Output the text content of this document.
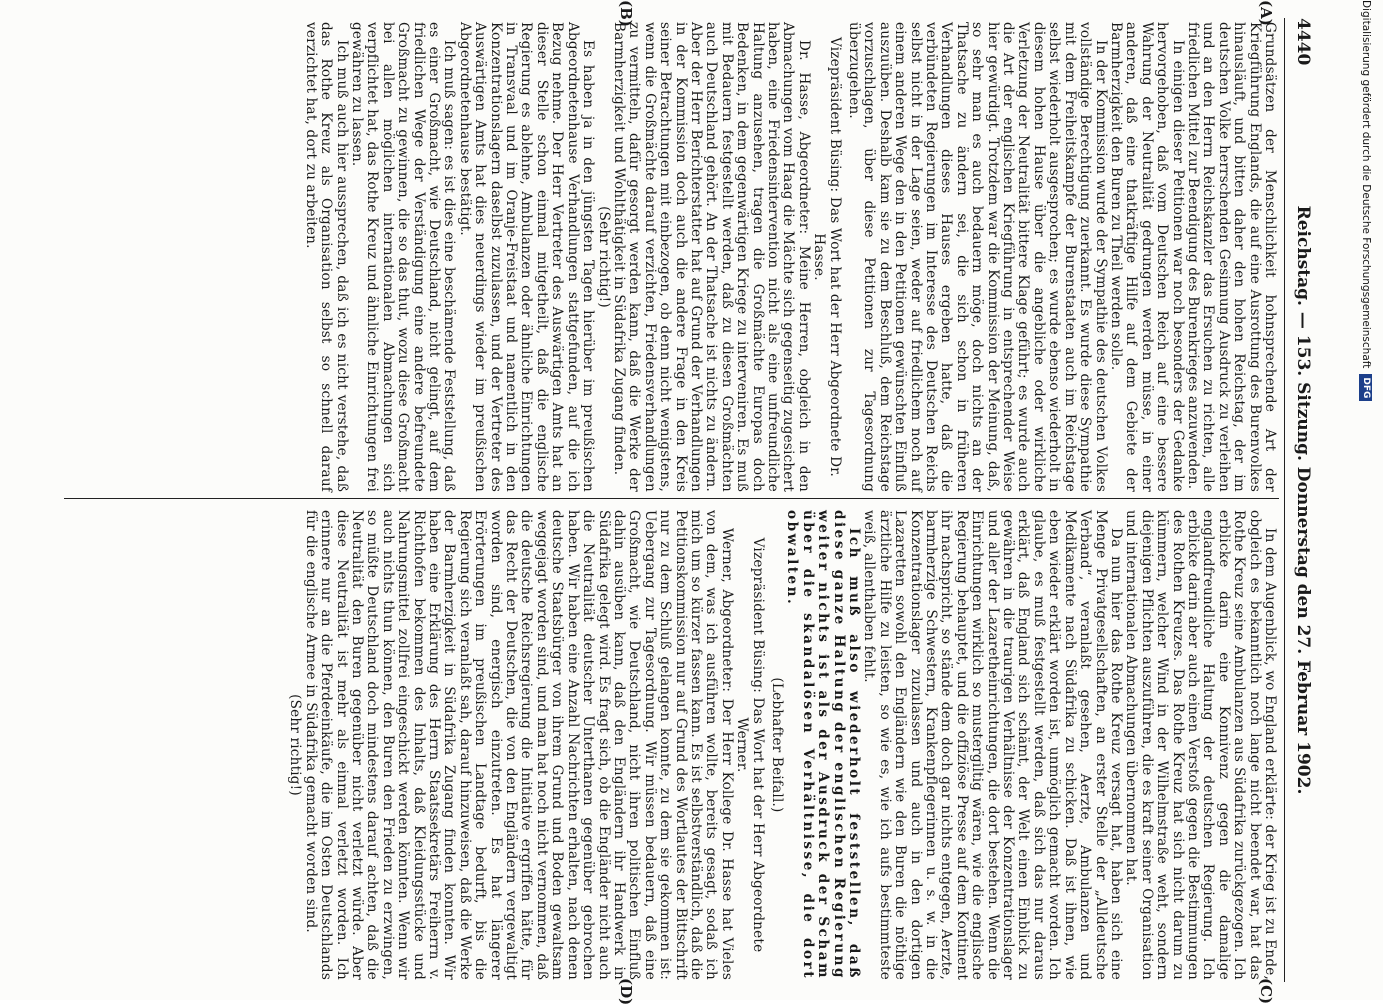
4440
Reichstag. — 153. Sitzung. Donnerstag den 27. Februar 1902.
(A)
(B)
(C)
(D)

Grundsätzen der Menschlichkeit hohnsprechende Art der Kriegführung Englands, die auf eine Ausrottung des Burenvolkes hinausläuft, und bitten daher den hohen Reichstag, der im deutschen Volke herrschenden Gesinnung Ausdruck zu verleihen und an den Herrn Reichskanzler das Ersuchen zu richten, alle friedlichen Mittel zur Beendigung des Burenkrieges anzuwenden.

In einigen dieser Petitionen war noch besonders der Gedanke hervorgehoben, daß vom Deutschen Reich auf eine bessere Wahrung der Neutralität gedrungen werden müsse, in einer anderen, daß eine thatkräftige Hilfe auf dem Gebiete der Barmherzigkeit den Buren zu Theil werden solle.

In der Kommission wurde der Sympathie des deutschen Volkes vollständige Berechtigung zuerkannt. Es wurde diese Sympathie mit dem Freiheitskampfe der Burenstaaten auch im Reichstage selbst wiederholt ausgesprochen; es wurde ebenso wiederholt in diesem hohen Hause über die angebliche oder wirkliche Verletzung der Neutralität bittere Klage geführt; es wurde auch die Art der englischen Kriegführung in entsprechender Weise hier gewürdigt. Trotzdem war die Kommission der Meinung, daß, so sehr man es auch bedauern möge, doch nichts an der Thatsache zu ändern sei, die sich schon in früheren Verhandlungen dieses Hauses ergeben hatte, daß die verbündeten Regierungen im Interesse des Deutschen Reichs selbst nicht in der Lage seien, weder auf friedlichem noch auf einem anderen Wege den in den Petitionen gewünschten Einfluß auszuüben. Deshalb kam sie zu dem Beschluß, dem Reichstage vorzuschlagen, über diese Petitionen zur Tagesordnung überzugehen.

Vizepräsident Büsing: Das Wort hat der Herr Abgeordnete Dr. Hasse.

Dr. Hasse, Abgeordneter: Meine Herren, obgleich in den Abmachungen vom Haag die Mächte sich gegenseitig zugesichert haben, eine Friedensintervention nicht als eine unfreundliche Haltung anzusehen, tragen die Großmächte Europas doch Bedenken, in dem gegenwärtigen Kriege zu interveniren. Es muß mit Bedauern festgestellt werden, daß zu diesen Großmächten auch Deutschland gehört. An der Thatsache ist nichts zu ändern. Aber der Herr Berichterstatter hat auf Grund der Verhandlungen in der Kommission doch auch die andere Frage in den Kreis seiner Betrachtungen mit einbezogen, ob denn nicht wenigstens, wenn die Großmächte darauf verzichten, Friedensverhandlungen zu vermitteln, dafür gesorgt werden kann, daß die Werke der Barmherzigkeit und Wohlthätigkeit in Südafrika Zugang finden.

(Sehr richtig!)

Es haben ja in den jüngsten Tagen hierüber im preußischen Abgeordnetenhause Verhandlungen stattgefunden, auf die ich Bezug nehme. Der Herr Vertreter des Auswärtigen Amts hat an dieser Stelle schon einmal mitgetheilt, daß die englische Regierung es ablehne, Ambulanzen oder ähnliche Einrichtungen in Transvaal und im Oranje-Freistaat und namentlich in den Konzentrationslagern daselbst zuzulassen, und der Vertreter des Auswärtigen Amts hat dies neuerdings wieder im preußischen Abgeordnetenhause bestätigt.

Ich muß sagen: es ist dies eine beschämende Feststellung, daß es einer Großmacht, wie Deutschland, nicht gelingt, auf dem friedlichen Wege der Verständigung eine andere befreundete Großmacht zu gewinnen, die so das thut, wozu diese Großmacht bei allen möglichen internationalen Abmachungen sich verpflichtet hat, das Rothe Kreuz und ähnliche Einrichtungen frei gewähren zu lassen.

Ich muß auch hier aussprechen, daß ich es nicht verstehe, daß das Rothe Kreuz als Organisation selbst so schnell darauf verzichtet hat, dort zu arbeiten.

In dem Augenblick, wo England erklärte: der Krieg ist zu Ende, obgleich es bekanntlich noch lange nicht beendet war, hat das Rothe Kreuz seine Ambulanzen aus Südafrika zurückgezogen. Ich erblicke darin eine Konnivenz gegen die damalige englandfreundliche Haltung der deutschen Regierung. Ich erblicke darin aber auch einen Verstoß gegen die Bestimmungen des Rothen Kreuzes. Das Rothe Kreuz hat sich nicht darum zu kümmern, welcher Wind in der Wilhelmstraße weht, sondern diejenigen Pflichten auszuführen, die es kraft seiner Organisation und internationalen Abmachungen übernommen hat.

Da nun hier das Rothe Kreuz versagt hat, haben sich eine Menge Privatgesellschaften, an erster Stelle der „Alldeutsche Verband“, veranlaßt gesehen, Aerzte, Ambulanzen und Medikamente nach Südafrika zu schicken. Daß ist ihnen, wie eben wieder erklärt worden ist, unmöglich gemacht worden. Ich glaube, es muß festgestellt werden, daß sich das nur daraus erklärt, daß England sich schämt, der Welt einen Einblick zu gewähren in die traurigen Verhältnisse der Konzentrationslager und aller der Lazaretheinrichtungen, die dort bestehen. Wenn die Einrichtungen wirklich so mustergiltig wären, wie die englische Regierung behauptet, und die offiziöse Presse auf dem Kontinent ihr nachspricht, so stände dem doch gar nichts entgegen, Aerzte, barmherzige Schwestern, Krankenpflegerinnen u. s. w. in die Konzentrationslager zuzulassen und auch in den dortigen Lazaretten sowohl den Engländern wie den Buren die nöthige ärztliche Hilfe zu leisten, so wie es, wie ich aufs bestimmteste weiß, allenthalben fehlt.

Ich muß also wiederholt feststellen, daß diese ganze Haltung der englischen Regierung weiter nichts ist als der Ausdruck der Scham über die skandalösen Verhältnisse, die dort obwalten.

(Lebhafter Beifall.)

Vizepräsident Büsing: Das Wort hat der Herr Abgeordnete Werner.

Werner, Abgeordneter: Der Herr Kollege Dr. Hasse hat Vieles von dem, was ich ausführen wollte, bereits gesagt, sodaß ich mich um so kürzer fassen kann. Es ist selbstverständlich, daß die Petitionskommission nur auf Grund des Wortlautes der Bittschrift nur zu dem Schluß gelangen konnte, zu dem sie gekommen ist: Uebergang zur Tagesordnung. Wir müssen bedauern, daß eine Großmacht, wie Deutschland, nicht ihren politischen Einfluß dahin ausüben kann, daß den Engländern ihr Handwerk in Südafrika gelegt wird. Es fragt sich, ob die Engländer nicht auch die Neutralität deutscher Unterthanen gegenüber gebrochen haben. Wir haben eine Anzahl Nachrichten erhalten, nach denen deutsche Staatsbürger von ihrem Grund und Boden gewaltsam weggejagt worden sind, und man hat noch nicht vernommen, daß die deutsche Reichsregierung die Initiative ergriffen hätte, für das Recht der Deutschen, die von den Engländern vergewaltigt worden sind, energisch einzutreten. Es hat längerer Erörterungen im preußischen Landtage bedurft, bis die Regierung sich veranlaßt sah, darauf hinzuweisen, daß die Werke der Barmherzigkeit in Südafrika Zugang finden konnten. Wir haben eine Erklärung des Herrn Staatssekretärs Freiherrn v. Richthofen bekommen des Inhalts, daß Kleidungsstücke und Nahrungsmittel zollfrei eingeschickt werden könnten. Wenn wir auch nichts thun können, den Buren den Frieden zu erzwingen, so müßte Deutschland doch mindestens darauf achten, daß die Neutralität den Buren gegenüber nicht verletzt würde. Aber diese Neutralität ist mehr als einmal verletzt worden. Ich erinnere nur an die Pferdeeinkäufe, die im Osten Deutschlands für die englische Armee in Südafrika gemacht worden sind.

(Sehr richtig!)

Digitalisierung gefördert durch die Deutsche ForschungsgemeinschaftDFG
